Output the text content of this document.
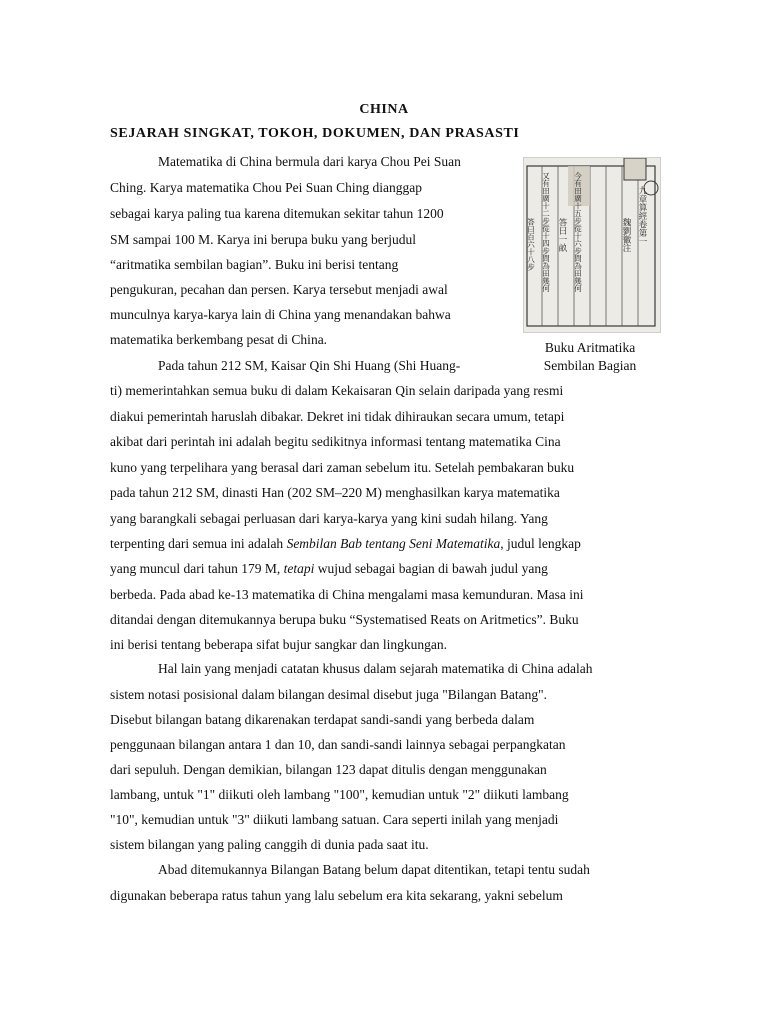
CHINA
SEJARAH SINGKAT, TOKOH, DOKUMEN, DAN PRASASTI
Matematika di China bermula dari karya Chou Pei Suan
Ching. Karya matematika Chou Pei Suan Ching dianggap
sebagai karya paling tua karena ditemukan sekitar tahun 1200
SM sampai 100 M. Karya ini berupa buku yang berjudul
“aritmatika sembilan bagian”. Buku ini berisi tentang
pengukuran, pecahan dan persen. Karya tersebut menjadi awal
munculnya karya-karya lain di China yang menandakan bahwa
matematika berkembang pesat di China.
九章算經卷第一
魏劉徽注
今有田廣十五步從十六步問為田幾何
答曰一畝
又有田廣十二步從十四步問為田幾何
答曰百六十八步
Buku Aritmatika
Sembilan Bagian
Pada tahun 212 SM, Kaisar Qin Shi Huang (Shi Huang-
ti) memerintahkan semua buku di dalam Kekaisaran Qin selain daripada yang resmi
diakui pemerintah haruslah dibakar. Dekret ini tidak dihiraukan secara umum, tetapi
akibat dari perintah ini adalah begitu sedikitnya informasi tentang matematika Cina
kuno yang terpelihara yang berasal dari zaman sebelum itu. Setelah pembakaran buku
pada tahun 212 SM, dinasti Han (202 SM–220 M) menghasilkan karya matematika
yang barangkali sebagai perluasan dari karya-karya yang kini sudah hilang. Yang
terpenting dari semua ini adalah Sembilan Bab tentang Seni Matematika, judul lengkap
yang muncul dari tahun 179 M, tetapi wujud sebagai bagian di bawah judul yang
berbeda. Pada abad ke-13 matematika di China mengalami masa kemunduran. Masa ini
ditandai dengan ditemukannya berupa buku “Systematised Reats on Aritmetics”. Buku
ini berisi tentang beberapa sifat bujur sangkar dan lingkungan.
Hal lain yang menjadi catatan khusus dalam sejarah matematika di China adalah
sistem notasi posisional dalam bilangan desimal disebut juga "Bilangan Batang".
Disebut bilangan batang dikarenakan terdapat sandi-sandi yang berbeda dalam
penggunaan bilangan antara 1 dan 10, dan sandi-sandi lainnya sebagai perpangkatan
dari sepuluh. Dengan demikian, bilangan 123 dapat ditulis dengan menggunakan
lambang, untuk "1" diikuti oleh lambang "100", kemudian untuk "2" diikuti lambang
"10", kemudian untuk "3" diikuti lambang satuan. Cara seperti inilah yang menjadi
sistem bilangan yang paling canggih di dunia pada saat itu.
Abad ditemukannya Bilangan Batang belum dapat ditentikan, tetapi tentu sudah
digunakan beberapa ratus tahun yang lalu sebelum era kita sekarang, yakni sebelum
